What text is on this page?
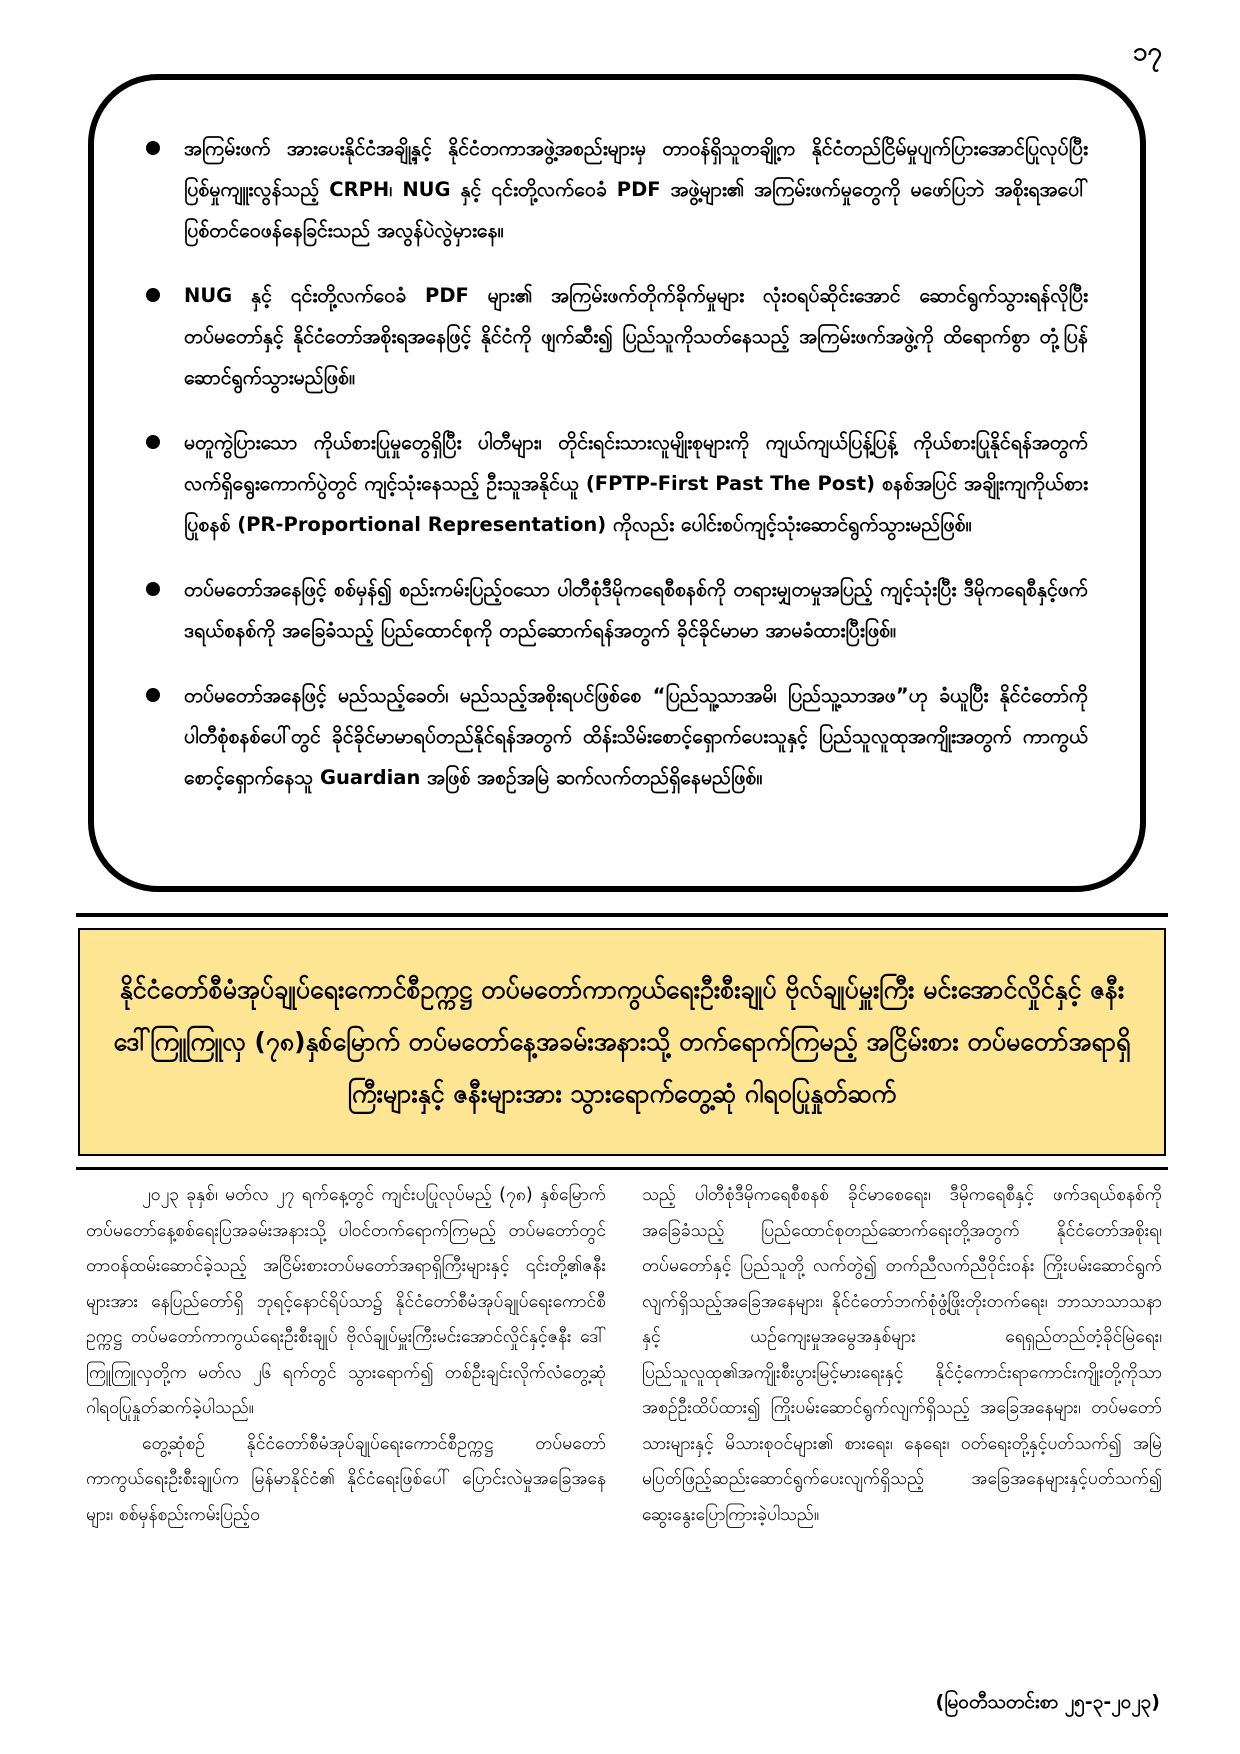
၁၇
အကြမ်းဖက် အားပေးနိုင်ငံအချို့နှင့် နိုင်ငံတကာအဖွဲ့အစည်းများမှ တာဝန်ရှိသူတချို့က နိုင်ငံတည်ငြိမ်မှုပျက်ပြားအောင်ပြုလုပ်ပြီး ပြစ်မှုကျူးလွန်သည့် CRPH၊ NUG နှင့် ၎င်းတို့လက်ဝေခံ PDF အဖွဲ့များ၏ အကြမ်းဖက်မှုတွေကို မဖော်ပြဘဲ အစိုးရအပေါ် ပြစ်တင်ဝေဖန်နေခြင်းသည် အလွန်ပဲလွဲမှားနေ။
NUG နှင့် ၎င်းတို့လက်ဝေခံ PDF များ၏ အကြမ်းဖက်တိုက်ခိုက်မှုများ လုံးဝရပ်ဆိုင်းအောင် ဆောင်ရွက်သွားရန်လိုပြီး တပ်မတော်နှင့် နိုင်ငံတော်အစိုးရအနေဖြင့် နိုင်ငံကို ဖျက်ဆီး၍ ပြည်သူကိုသတ်နေသည့် အကြမ်းဖက်အဖွဲ့ကို ထိရောက်စွာ တုံ့ပြန်ဆောင်ရွက်သွားမည်ဖြစ်။
မတူကွဲပြားသော ကိုယ်စားပြုမှုတွေရှိပြီး ပါတီများ၊ တိုင်းရင်းသားလူမျိုးစုများကို ကျယ်ကျယ်ပြန့်ပြန့် ကိုယ်စားပြုနိုင်ရန်အတွက် လက်ရှိရွေးကောက်ပွဲတွင် ကျင့်သုံးနေသည့် ဦးသူအနိုင်ယူ (FPTP-First Past The Post) စနစ်အပြင် အချိုးကျကိုယ်စားပြုစနစ် (PR-Proportional Representation) ကိုလည်း ပေါင်းစပ်ကျင့်သုံးဆောင်ရွက်သွားမည်ဖြစ်။
တပ်မတော်အနေဖြင့် စစ်မှန်၍ စည်းကမ်းပြည့်ဝသော ပါတီစုံဒီမိုကရေစီစနစ်ကို တရားမျှတမှုအပြည့် ကျင့်သုံးပြီး ဒီမိုကရေစီနှင့်ဖက်ဒရယ်စနစ်ကို အခြေခံသည့် ပြည်ထောင်စုကို တည်ဆောက်ရန်အတွက် ခိုင်ခိုင်မာမာ အာမခံထားပြီးဖြစ်။
တပ်မတော်အနေဖြင့် မည်သည့်ခေတ်၊ မည်သည့်အစိုးရပင်ဖြစ်စေ “ပြည်သူ့သာအမိ၊ ပြည်သူ့သာအဖ”ဟု ခံယူပြီး နိုင်ငံတော်ကို ပါတီစုံစနစ်ပေါ်တွင် ခိုင်ခိုင်မာမာရပ်တည်နိုင်ရန်အတွက် ထိန်းသိမ်းစောင့်ရှောက်ပေးသူနှင့် ပြည်သူလူထုအကျိုးအတွက် ကာကွယ်စောင့်ရှောက်နေသူ Guardian အဖြစ် အစဉ်အမြဲ ဆက်လက်တည်ရှိနေမည်ဖြစ်။
နိုင်ငံတော်စီမံအုပ်ချုပ်ရေးကောင်စီဥက္ကဋ္ဌ တပ်မတော်ကာကွယ်ရေးဦးစီးချုပ် ဗိုလ်ချုပ်မှူးကြီး မင်းအောင်လှိုင်နှင့် ဇနီး ဒေါ်ကြူကြူလှ (၇၈)နှစ်မြောက် တပ်မတော်နေ့အခမ်းအနားသို့ တက်ရောက်ကြမည့် အငြိမ်းစား တပ်မတော်အရာရှိကြီးများနှင့် ဇနီးများအား သွားရောက်တွေ့ဆုံ ဂါရဝပြုနှုတ်ဆက်

၂၀၂၃ ခုနှစ်၊ မတ်လ ၂၇ ရက်နေ့တွင် ကျင်းပပြုလုပ်မည့် (၇၈) နှစ်မြောက် တပ်မတော်နေ့စစ်ရေးပြအခမ်းအနားသို့ ပါဝင်တက်ရောက်ကြမည့် တပ်မတော်တွင် တာဝန်ထမ်းဆောင်ခဲ့သည့် အငြိမ်းစားတပ်မတော်အရာရှိကြီးများနှင့် ၎င်းတို့၏ဇနီးများအား နေပြည်တော်ရှိ ဘုရင့်နောင်ရိပ်သာ၌ နိုင်ငံတော်စီမံအုပ်ချုပ်ရေးကောင်စီဥက္ကဋ္ဌ တပ်မတော်ကာကွယ်ရေးဦးစီးချုပ် ဗိုလ်ချုပ်မှူးကြီးမင်းအောင်လှိုင်နှင့်ဇနီး ဒေါ်ကြူကြူလှတို့က မတ်လ ၂၆ ရက်တွင် သွားရောက်၍ တစ်ဦးချင်းလိုက်လံတွေ့ဆုံ ဂါရဝပြုနှုတ်ဆက်ခဲ့ပါသည်။

တွေ့ဆုံစဉ် နိုင်ငံတော်စီမံအုပ်ချုပ်ရေးကောင်စီဥက္ကဋ္ဌ တပ်မတော်ကာကွယ်ရေးဦးစီးချုပ်က မြန်မာနိုင်ငံ၏ နိုင်ငံရေးဖြစ်ပေါ် ပြောင်းလဲမှုအခြေအနေများ၊ စစ်မှန်စည်းကမ်းပြည့်ဝ

သည့် ပါတီစုံဒီမိုကရေစီစနစ် ခိုင်မာစေရေး၊ ဒီမိုကရေစီနှင့် ဖက်ဒရယ်စနစ်ကို အခြေခံသည့် ပြည်ထောင်စုတည်ဆောက်ရေးတို့အတွက် နိုင်ငံတော်အစိုးရ၊ တပ်မတော်နှင့် ပြည်သူတို့ လက်တွဲ၍ တက်ညီလက်ညီဝိုင်းဝန်း ကြိုးပမ်းဆောင်ရွက်လျက်ရှိသည့်အခြေအနေများ၊ နိုင်ငံတော်ဘက်စုံဖွံ့ဖြိုးတိုးတက်ရေး၊ ဘာသာသာသနာနှင့် ယဉ်ကျေးမှုအမွေအနှစ်များ ရေရှည်တည်တံ့ခိုင်မြဲရေး၊ ပြည်သူလူထု၏အကျိုးစီးပွားမြင့်မားရေးနှင့် နိုင်ငံ့ကောင်းရာကောင်းကျိုးတို့ကိုသာ အစဉ်ဦးထိပ်ထား၍ ကြိုးပမ်းဆောင်ရွက်လျက်ရှိသည့် အခြေအနေများ၊ တပ်မတော်သားများနှင့် မိသားစုဝင်များ၏ စားရေး၊ နေရေး၊ ဝတ်ရေးတို့နှင့်ပတ်သက်၍ အမြဲမပြတ်ဖြည့်ဆည်းဆောင်ရွက်ပေးလျက်ရှိသည့် အခြေအနေများနှင့်ပတ်သက်၍ ဆွေးနွေးပြောကြားခဲ့ပါသည်။

(မြဝတီသတင်းစာ ၂၅-၃-၂၀၂၃)
